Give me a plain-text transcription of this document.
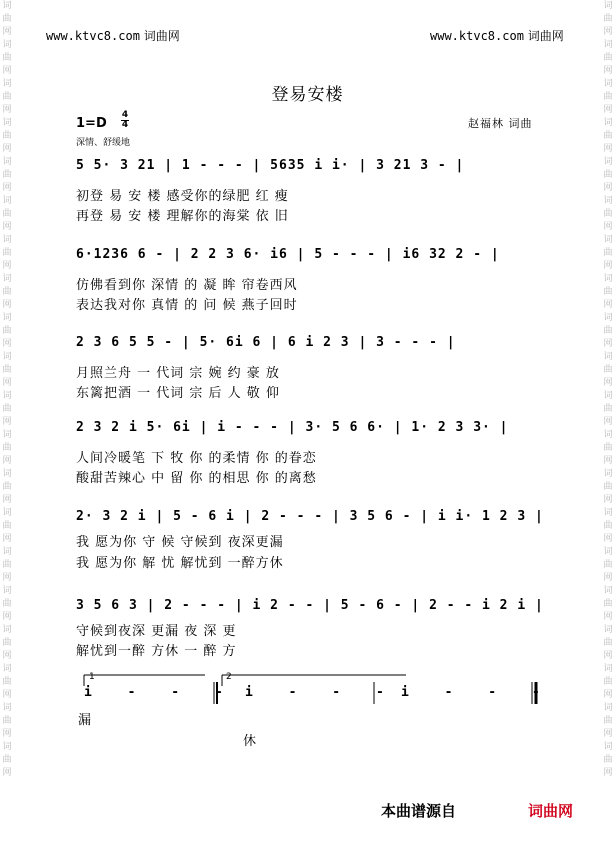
词曲网词曲网词曲网词曲网词曲网词曲网词曲网词曲网词曲网词曲网词曲网词曲网词曲网词曲网词曲网词曲网词曲网词曲网词曲网词曲网
词曲网词曲网词曲网词曲网词曲网词曲网词曲网词曲网词曲网词曲网词曲网词曲网词曲网词曲网词曲网词曲网词曲网词曲网词曲网词曲网
www.ktvc8.com 词曲网	www.ktvc8.com 词曲网
登易安楼
1=D
4
4
深情、舒缓地
赵福林 词曲
5 5· 3 21 | 1 - - - | 5635 i i· | 3 21 3 - |
初登 易 安 楼 感受你的绿肥 红 瘦
再登 易 安 楼 理解你的海棠 依 旧
6·1236 6 - | 2 2 3 6· i6 | 5 - - - | i6 32 2 - |
仿佛看到你 深情 的 凝 眸 帘卷西风
表达我对你 真情 的 问 候 燕子回时
2 3 6 5 5 - | 5· 6i 6 | 6 i 2 3 | 3 - - - |
月照兰舟 一 代词 宗 婉 约 豪 放
东篱把酒 一 代词 宗 后 人 敬 仰
2 3 2 i 5· 6i | i - - - | 3· 5 6 6· | 1· 2 3 3· |
人间冷暖笔 下 牧 你 的柔情 你 的眷恋
酸甜苦辣心 中 留 你 的相思 你 的离愁
2· 3 2 i | 5 - 6 i | 2 - - - | 3 5 6 - | i i· 1 2 3 |
我 愿为你 守 候 守候到 夜深更漏
我 愿为你 解 忧 解忧到 一醉方休
3 5 6 3 | 2 - - - | i 2 - - | 5 - 6 - | 2 - - i 2 i |
守候到夜深 更漏 夜 深 更
解忧到一醉 方休 一 醉 方
1	2
i - - - i - - - i - - -
漏
休
本曲谱源自	词曲网
